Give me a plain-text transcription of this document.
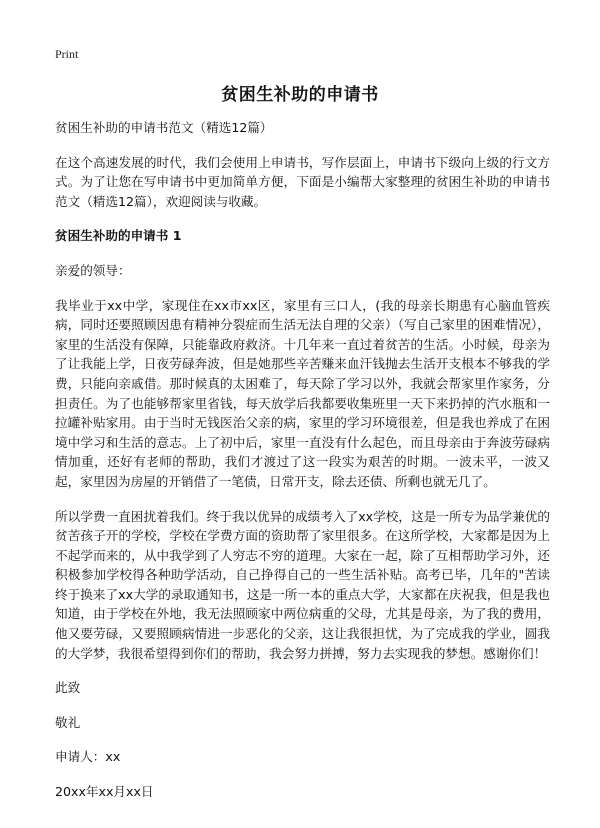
Print
贫困生补助的申请书

贫困生补助的申请书范文（精选12篇）

在这个高速发展的时代，我们会使用上申请书，写作层面上，申请书下级向上级的行文方式。为了让您在写申请书中更加简单方便，下面是小编帮大家整理的贫困生补助的申请书范文（精选12篇），欢迎阅读与收藏。

贫困生补助的申请书 1

亲爱的领导：

我毕业于xx中学，家现住在xx市xx区，家里有三口人，(我的母亲长期患有心脑血管疾病，同时还要照顾因患有精神分裂症而生活无法自理的父亲）（写自己家里的困难情况），家里的生活没有保障，只能靠政府救济。十几年来一直过着贫苦的生活。小时候，母亲为了让我能上学，日夜劳碌奔波，但是她那些辛苦赚来血汗钱抛去生活开支根本不够我的学费，只能向亲戚借。那时候真的太困难了，每天除了学习以外，我就会帮家里作家务，分担责任。为了也能够帮家里省钱，每天放学后我都要收集班里一天下来扔掉的汽水瓶和一拉罐补贴家用。由于当时无钱医治父亲的病，家里的学习环境很差，但是我也养成了在困境中学习和生活的意志。上了初中后，家里一直没有什么起色，而且母亲由于奔波劳碌病情加重，还好有老师的帮助，我们才渡过了这一段实为艰苦的时期。一波未平，一波又起，家里因为房屋的开销借了一笔债，日常开支，除去还债、所剩也就无几了。

所以学费一直困扰着我们。终于我以优异的成绩考入了xx学校，这是一所专为品学兼优的贫苦孩子开的学校，学校在学费方面的资助帮了家里很多。在这所学校，大家都是因为上不起学而来的，从中我学到了人穷志不穷的道理。大家在一起，除了互相帮助学习外，还积极参加学校得各种助学活动，自己挣得自己的一些生活补贴。高考已毕，几年的"苦读终于换来了xx大学的录取通知书，这是一所一本的重点大学，大家都在庆祝我，但是我也知道，由于学校在外地，我无法照顾家中两位病重的父母，尤其是母亲，为了我的费用，他又要劳碌，又要照顾病情进一步恶化的父亲，这让我很担忧，为了完成我的学业，圆我的大学梦，我很希望得到你们的帮助，我会努力拼搏，努力去实现我的梦想。感谢你们！

此致

敬礼

申请人：xx

20xx年xx月xx日
